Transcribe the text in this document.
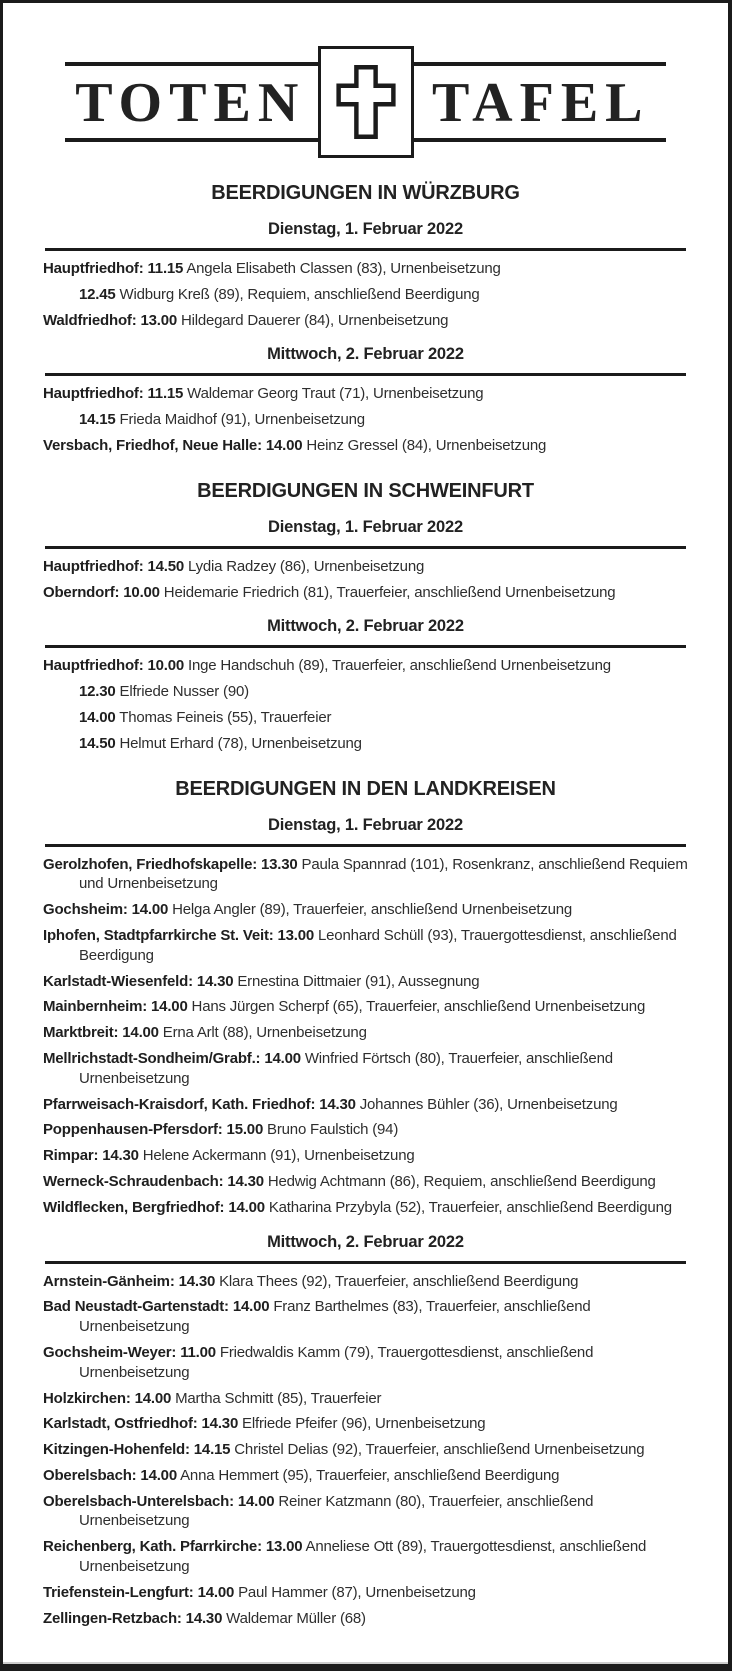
TOTEN	TAFEL
BEERDIGUNGEN IN WÜRZBURG
Dienstag, 1. Februar 2022

Hauptfriedhof: 11.15 Angela Elisabeth Classen (83), Urnenbeisetzung

12.45 Widburg Kreß (89), Requiem, anschließend Beerdigung

Waldfriedhof: 13.00 Hildegard Dauerer (84), Urnenbeisetzung

Mittwoch, 2. Februar 2022

Hauptfriedhof: 11.15 Waldemar Georg Traut (71), Urnenbeisetzung

14.15 Frieda Maidhof (91), Urnenbeisetzung

Versbach, Friedhof, Neue Halle: 14.00 Heinz Gressel (84), Urnenbeisetzung

BEERDIGUNGEN IN SCHWEINFURT
Dienstag, 1. Februar 2022

Hauptfriedhof: 14.50 Lydia Radzey (86), Urnenbeisetzung

Oberndorf: 10.00 Heidemarie Friedrich (81), Trauerfeier, anschließend Urnenbeisetzung

Mittwoch, 2. Februar 2022

Hauptfriedhof: 10.00 Inge Handschuh (89), Trauerfeier, anschließend Urnenbeisetzung

12.30 Elfriede Nusser (90)

14.00 Thomas Feineis (55), Trauerfeier

14.50 Helmut Erhard (78), Urnenbeisetzung

BEERDIGUNGEN IN DEN LANDKREISEN
Dienstag, 1. Februar 2022

Gerolzhofen, Friedhofskapelle: 13.30 Paula Spannrad (101), Rosenkranz, anschließend Requiem und Urnenbeisetzung

Gochsheim: 14.00 Helga Angler (89), Trauerfeier, anschließend Urnenbeisetzung

Iphofen, Stadtpfarrkirche St. Veit: 13.00 Leonhard Schüll (93), Trauergottesdienst, anschließend Beerdigung

Karlstadt-Wiesenfeld: 14.30 Ernestina Dittmaier (91), Aussegnung

Mainbernheim: 14.00 Hans Jürgen Scherpf (65), Trauerfeier, anschließend Urnenbeisetzung

Marktbreit: 14.00 Erna Arlt (88), Urnenbeisetzung

Mellrichstadt-Sondheim/Grabf.: 14.00 Winfried Förtsch (80), Trauerfeier, anschließend Urnenbeisetzung

Pfarrweisach-Kraisdorf, Kath. Friedhof: 14.30 Johannes Bühler (36), Urnenbeisetzung

Poppenhausen-Pfersdorf: 15.00 Bruno Faulstich (94)

Rimpar: 14.30 Helene Ackermann (91), Urnenbeisetzung

Werneck-Schraudenbach: 14.30 Hedwig Achtmann (86), Requiem, anschließend Beerdigung

Wildflecken, Bergfriedhof: 14.00 Katharina Przybyla (52), Trauerfeier, anschließend Beerdigung

Mittwoch, 2. Februar 2022

Arnstein-Gänheim: 14.30 Klara Thees (92), Trauerfeier, anschließend Beerdigung

Bad Neustadt-Gartenstadt: 14.00 Franz Barthelmes (83), Trauerfeier, anschließend Urnenbeisetzung

Gochsheim-Weyer: 11.00 Friedwaldis Kamm (79), Trauergottesdienst, anschließend Urnenbeisetzung

Holzkirchen: 14.00 Martha Schmitt (85), Trauerfeier

Karlstadt, Ostfriedhof: 14.30 Elfriede Pfeifer (96), Urnenbeisetzung

Kitzingen-Hohenfeld: 14.15 Christel Delias (92), Trauerfeier, anschließend Urnenbeisetzung

Oberelsbach: 14.00 Anna Hemmert (95), Trauerfeier, anschließend Beerdigung

Oberelsbach-Unterelsbach: 14.00 Reiner Katzmann (80), Trauerfeier, anschließend Urnenbeisetzung

Reichenberg, Kath. Pfarrkirche: 13.00 Anneliese Ott (89), Trauergottesdienst, anschließend Urnenbeisetzung

Triefenstein-Lengfurt: 14.00 Paul Hammer (87), Urnenbeisetzung

Zellingen-Retzbach: 14.30 Waldemar Müller (68)
